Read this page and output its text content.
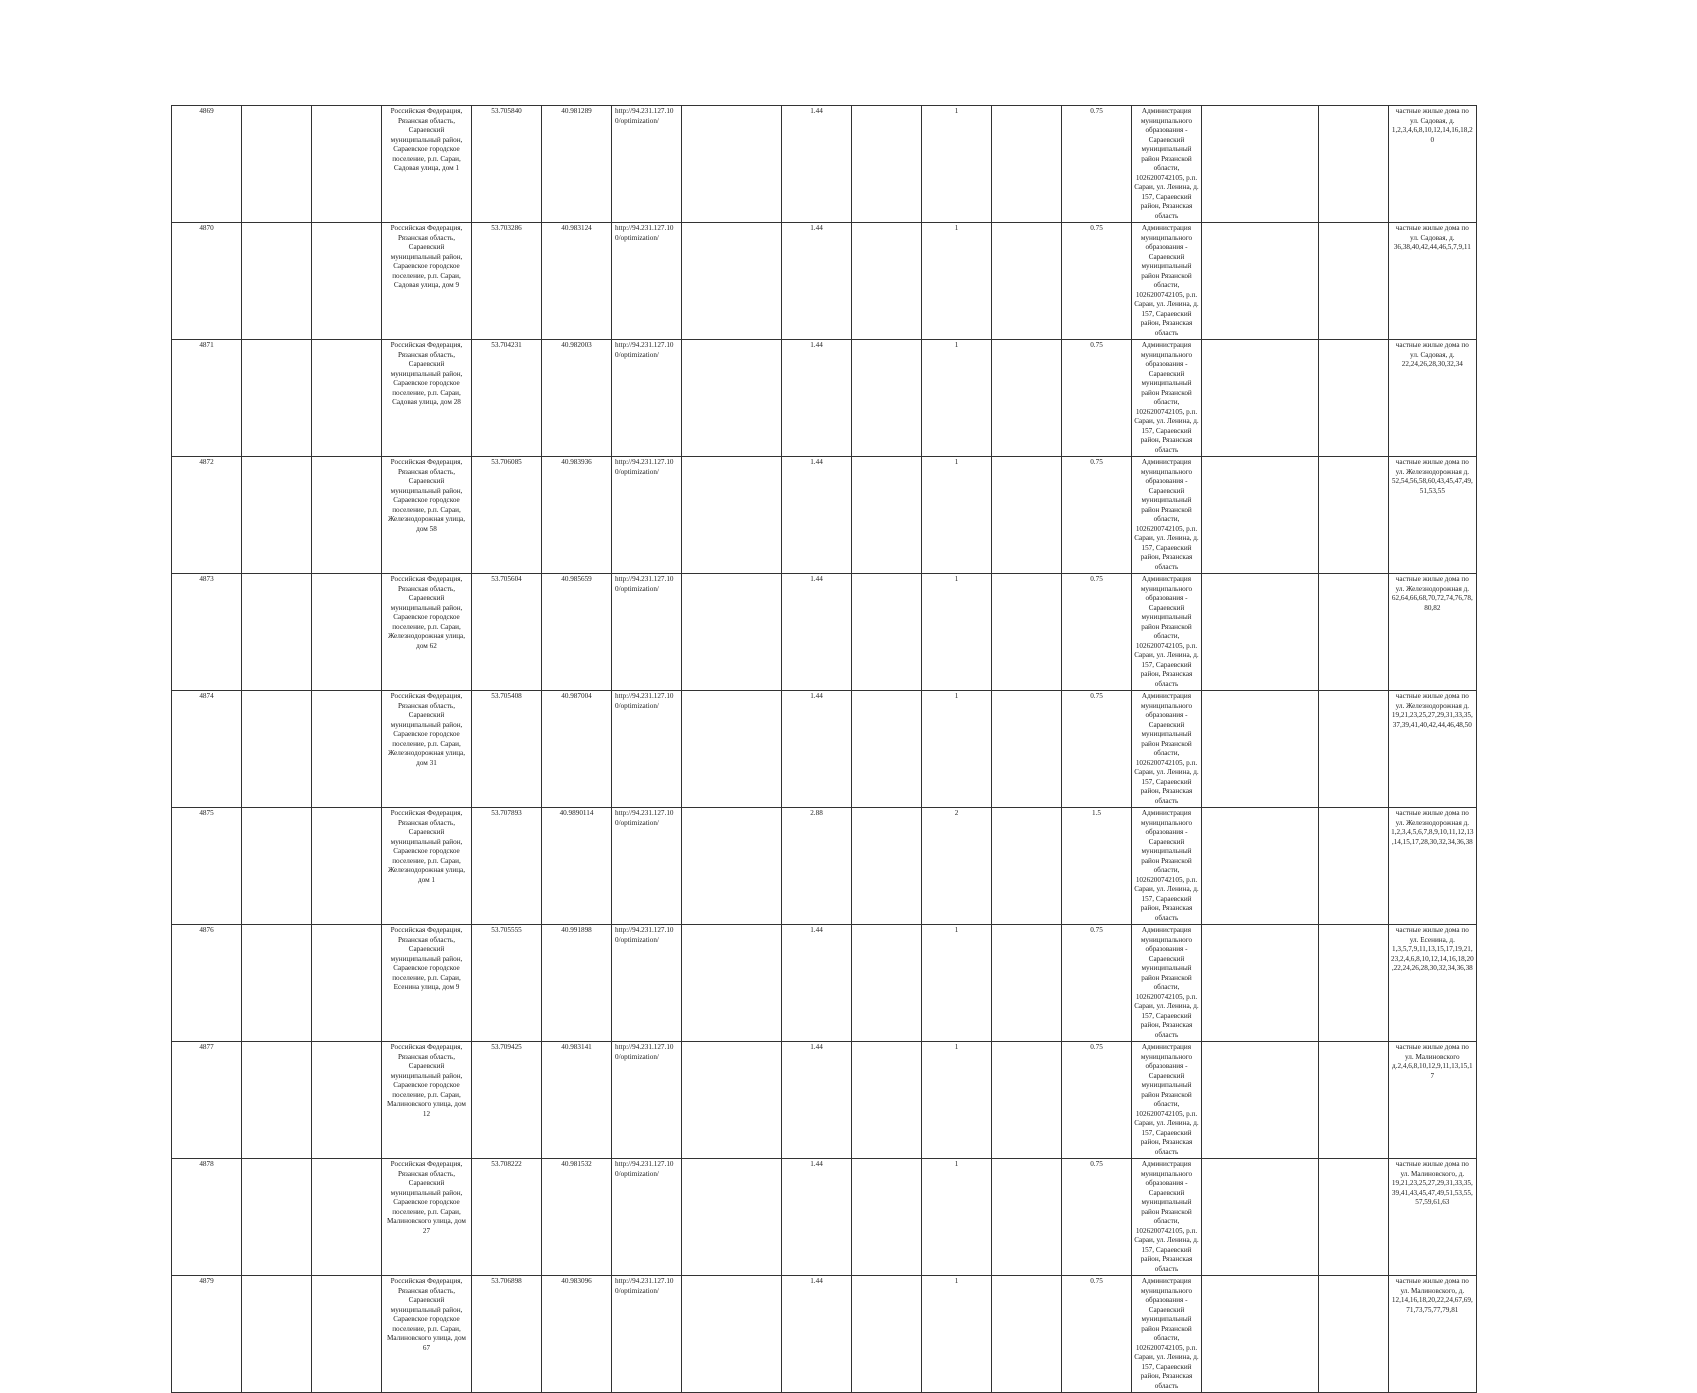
4869			Российская Федерация, Рязанская область, Сараевский муниципальный район, Сараевское городское поселение, р.п. Сараи, Садовая улица, дом 1	53.705840	40.981289	http://94.231.127.10 0/optimization/		1.44		1		0.75	Администрация муниципального образования - Сараевский муниципальный район Рязанской области, 1026200742105, р.п. Сараи, ул. Ленина, д. 157, Сараевский район, Рязанская область			частные жилые дома по ул. Садовая, д. 1,2,3,4,6,8,10,12,14,16,18,2 0
4870			Российская Федерация, Рязанская область, Сараевский муниципальный район, Сараевское городское поселение, р.п. Сараи, Садовая улица, дом 9	53.703286	40.983124	http://94.231.127.10 0/optimization/		1.44		1		0.75	Администрация муниципального образования - Сараевский муниципальный район Рязанской области, 1026200742105, р.п. Сараи, ул. Ленина, д. 157, Сараевский район, Рязанская область			частные жилые дома по ул. Садовая, д. 36,38,40,42,44,46,5,7,9,11
4871			Российская Федерация, Рязанская область, Сараевский муниципальный район, Сараевское городское поселение, р.п. Сараи, Садовая улица, дом 28	53.704231	40.982003	http://94.231.127.10 0/optimization/		1.44		1		0.75	Администрация муниципального образования - Сараевский муниципальный район Рязанской области, 1026200742105, р.п. Сараи, ул. Ленина, д. 157, Сараевский район, Рязанская область			частные жилые дома по ул. Садовая, д. 22,24,26,28,30,32,34
4872			Российская Федерация, Рязанская область, Сараевский муниципальный район, Сараевское городское поселение, р.п. Сараи, Железнодорожная улица, дом 58	53.706085	40.983936	http://94.231.127.10 0/optimization/		1.44		1		0.75	Администрация муниципального образования - Сараевский муниципальный район Рязанской области, 1026200742105, р.п. Сараи, ул. Ленина, д. 157, Сараевский район, Рязанская область			частные жилые дома по ул. Железнодорожная д. 52,54,56,58,60,43,45,47,49, 51,53,55
4873			Российская Федерация, Рязанская область, Сараевский муниципальный район, Сараевское городское поселение, р.п. Сараи, Железнодорожная улица, дом 62	53.705604	40.985659	http://94.231.127.10 0/optimization/		1.44		1		0.75	Администрация муниципального образования - Сараевский муниципальный район Рязанской области, 1026200742105, р.п. Сараи, ул. Ленина, д. 157, Сараевский район, Рязанская область			частные жилые дома по ул. Железнодорожная д. 62,64,66,68,70,72,74,76,78, 80,82
4874			Российская Федерация, Рязанская область, Сараевский муниципальный район, Сараевское городское поселение, р.п. Сараи, Железнодорожная улица, дом 31	53.705408	40.987004	http://94.231.127.10 0/optimization/		1.44		1		0.75	Администрация муниципального образования - Сараевский муниципальный район Рязанской области, 1026200742105, р.п. Сараи, ул. Ленина, д. 157, Сараевский район, Рязанская область			частные жилые дома по ул. Железнодорожная д. 19,21,23,25,27,29,31,33,35, 37,39,41,40,42,44,46,48,50
4875			Российская Федерация, Рязанская область, Сараевский муниципальный район, Сараевское городское поселение, р.п. Сараи, Железнодорожная улица, дом 1	53.707893	40.9890114	http://94.231.127.10 0/optimization/		2.88		2		1.5	Администрация муниципального образования - Сараевский муниципальный район Рязанской области, 1026200742105, р.п. Сараи, ул. Ленина, д. 157, Сараевский район, Рязанская область			частные жилые дома по ул. Железнодорожная д. 1,2,3,4,5,6,7,8,9,10,11,12,13 ,14,15,17,28,30,32,34,36,38
4876			Российская Федерация, Рязанская область, Сараевский муниципальный район, Сараевское городское поселение, р.п. Сараи, Есенина улица, дом 9	53.705555	40.991898	http://94.231.127.10 0/optimization/		1.44		1		0.75	Администрация муниципального образования - Сараевский муниципальный район Рязанской области, 1026200742105, р.п. Сараи, ул. Ленина, д. 157, Сараевский район, Рязанская область			частные жилые дома по ул. Есенина, д. 1,3,5,7,9,11,13,15,17,19,21, 23,2,4,6,8,10,12,14,16,18,20 ,22,24,26,28,30,32,34,36,38
4877			Российская Федерация, Рязанская область, Сараевский муниципальный район, Сараевское городское поселение, р.п. Сараи, Малиновского улица, дом 12	53.709425	40.983141	http://94.231.127.10 0/optimization/		1.44		1		0.75	Администрация муниципального образования - Сараевский муниципальный район Рязанской области, 1026200742105, р.п. Сараи, ул. Ленина, д. 157, Сараевский район, Рязанская область			частные жилые дома по ул. Малиновского д.2,4,6,8,10,12,9,11,13,15,1 7
4878			Российская Федерация, Рязанская область, Сараевский муниципальный район, Сараевское городское поселение, р.п. Сараи, Малиновского улица, дом 27	53.708222	40.981532	http://94.231.127.10 0/optimization/		1.44		1		0.75	Администрация муниципального образования - Сараевский муниципальный район Рязанской области, 1026200742105, р.п. Сараи, ул. Ленина, д. 157, Сараевский район, Рязанская область			частные жилые дома по ул. Малиновского, д. 19,21,23,25,27,29,31,33,35, 39,41,43,45,47,49,51,53,55, 57,59,61,63
4879			Российская Федерация, Рязанская область, Сараевский муниципальный район, Сараевское городское поселение, р.п. Сараи, Малиновского улица, дом 67	53.706898	40.983096	http://94.231.127.10 0/optimization/		1.44		1		0.75	Администрация муниципального образования - Сараевский муниципальный район Рязанской области, 1026200742105, р.п. Сараи, ул. Ленина, д. 157, Сараевский район, Рязанская область			частные жилые дома по ул. Малиновского, д. 12,14,16,18,20,22,24,67,69, 71,73,75,77,79,81
